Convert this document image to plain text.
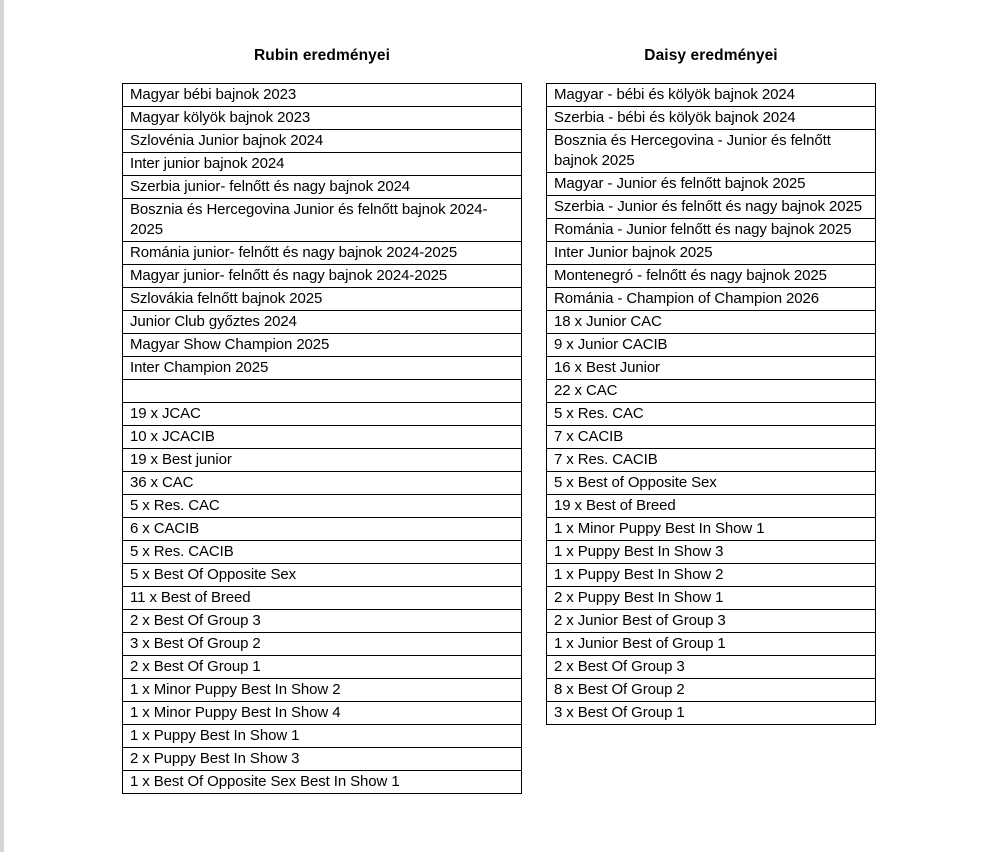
Rubin eredményei
Magyar bébi bajnok 2023
Magyar kölyök bajnok 2023
Szlovénia Junior bajnok 2024
Inter junior bajnok 2024
Szerbia junior- felnőtt és nagy bajnok 2024
Bosznia és Hercegovina Junior és felnőtt bajnok 2024-2025
Románia junior- felnőtt és nagy bajnok 2024-2025
Magyar junior- felnőtt és nagy bajnok 2024-2025
Szlovákia felnőtt bajnok 2025
Junior Club győztes 2024
Magyar Show Champion 2025
Inter Champion 2025

19 x JCAC
10 x JCACIB
19 x Best junior
36 x CAC
5 x Res. CAC
6 x CACIB
5 x Res. CACIB
5 x Best Of Opposite Sex
11 x Best of Breed
2 x Best Of Group 3
3 x Best Of Group 2
2 x Best Of Group 1
1 x Minor Puppy Best In Show 2
1 x Minor Puppy Best In Show 4
1 x Puppy Best In Show 1
2 x Puppy Best In Show 3
1 x Best Of Opposite Sex Best In Show 1
Daisy eredményei
Magyar - bébi és kölyök bajnok 2024
Szerbia - bébi és kölyök bajnok 2024
Bosznia és Hercegovina - Junior és felnőtt bajnok 2025
Magyar - Junior és felnőtt bajnok 2025
Szerbia - Junior és felnőtt és nagy bajnok 2025
Románia - Junior felnőtt és nagy bajnok 2025
Inter Junior bajnok 2025
Montenegró - felnőtt és nagy bajnok 2025
Románia - Champion of Champion 2026
18 x Junior CAC
9 x Junior CACIB
16 x Best Junior
22 x CAC
5 x Res. CAC
7 x CACIB
7 x Res. CACIB
5 x Best of Opposite Sex
19 x Best of Breed
1 x Minor Puppy Best In Show 1
1 x Puppy Best In Show 3
1 x Puppy Best In Show 2
2 x Puppy Best In Show 1
2 x Junior Best of Group 3
1 x Junior Best of Group 1
2 x Best Of Group 3
8 x Best Of Group 2
3 x Best Of Group 1
